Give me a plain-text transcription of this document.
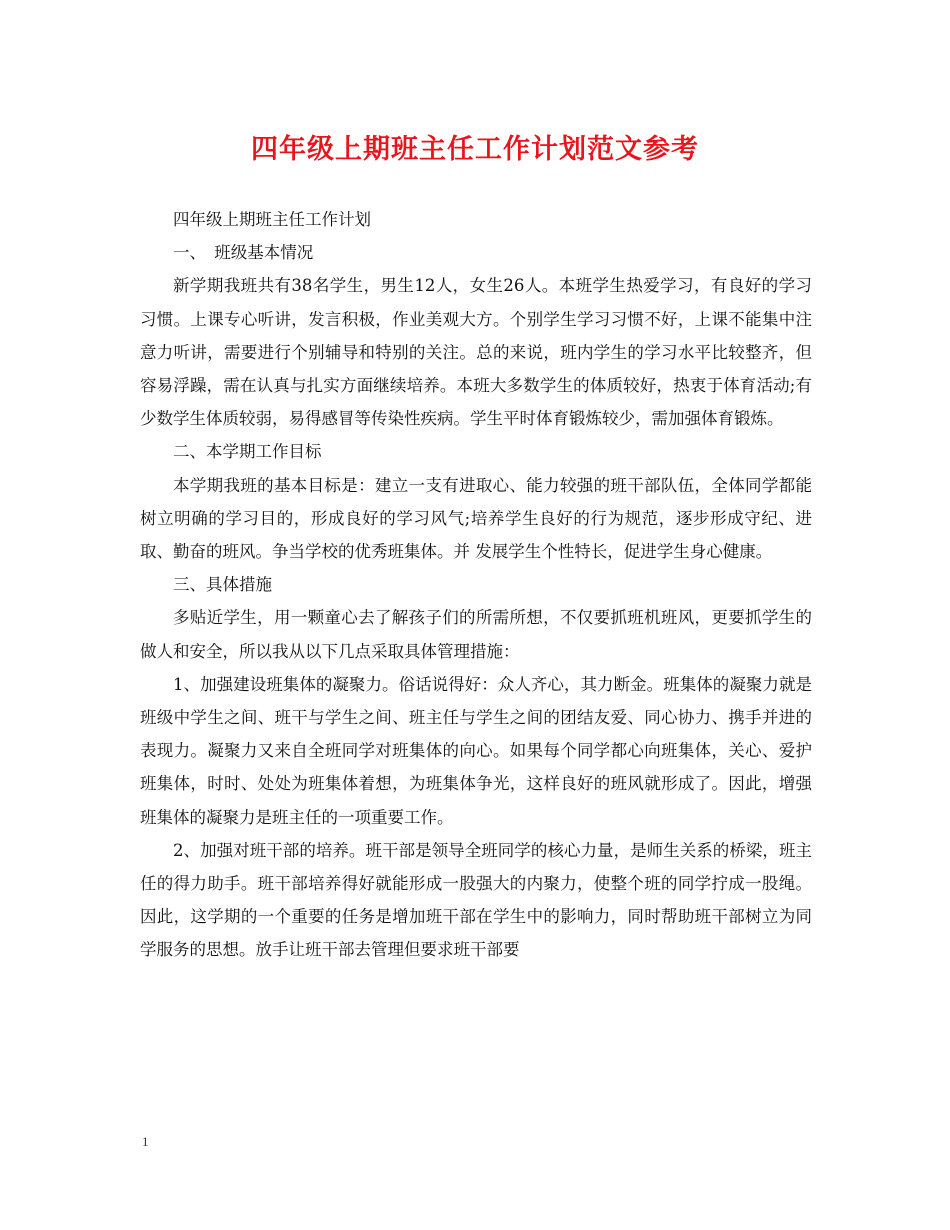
四年级上期班主任工作计划范文参考

四年级上期班主任工作计划

一、　班级基本情况

新学期我班共有38名学生，男生12人，女生26人。本班学生热爱学习，有良好的学习习惯。上课专心听讲，发言积极，作业美观大方。个别学生学习习惯不好，上课不能集中注意力听讲，需要进行个别辅导和特别的关注。总的来说，班内学生的学习水平比较整齐，但容易浮躁，需在认真与扎实方面继续培养。本班大多数学生的体质较好，热衷于体育活动;有少数学生体质较弱，易得感冒等传染性疾病。学生平时体育锻炼较少，需加强体育锻炼。

二、本学期工作目标

本学期我班的基本目标是：建立一支有进取心、能力较强的班干部队伍，全体同学都能树立明确的学习目的，形成良好的学习风气;培养学生良好的行为规范，逐步形成守纪、进取、勤奋的班风。争当学校的优秀班集体。并 发展学生个性特长，促进学生身心健康。

三、具体措施

多贴近学生，用一颗童心去了解孩子们的所需所想，不仅要抓班机班风，更要抓学生的做人和安全，所以我从以下几点采取具体管理措施：

1、加强建设班集体的凝聚力。俗话说得好：众人齐心，其力断金。班集体的凝聚力就是班级中学生之间、班干与学生之间、班主任与学生之间的团结友爱、同心协力、携手并进的表现力。凝聚力又来自全班同学对班集体的向心。如果每个同学都心向班集体，关心、爱护班集体，时时、处处为班集体着想，为班集体争光，这样良好的班风就形成了。因此，增强班集体的凝聚力是班主任的一项重要工作。

2、加强对班干部的培养。班干部是领导全班同学的核心力量，是师生关系的桥梁，班主任的得力助手。班干部培养得好就能形成一股强大的内聚力，使整个班的同学拧成一股绳。因此，这学期的一个重要的任务是增加班干部在学生中的影响力，同时帮助班干部树立为同学服务的思想。放手让班干部去管理但要求班干部要

1
